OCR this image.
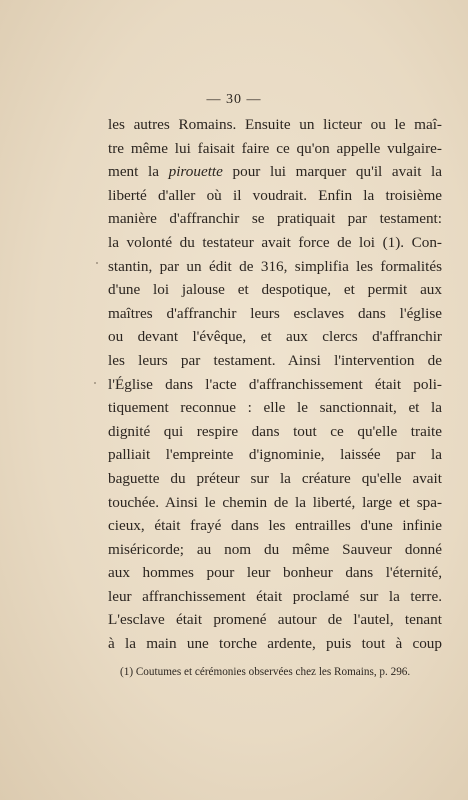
— 30 —
les autres Romains. Ensuite un licteur ou le maî-
tre même lui faisait faire ce qu'on appelle vulgaire-
ment la pirouette pour lui marquer qu'il avait la
liberté d'aller où il voudrait. Enfin la troisième
manière d'affranchir se pratiquait par testament:
la volonté du testateur avait force de loi (1). Con-
stantin, par un édit de 316, simplifia les formalités
d'une loi jalouse et despotique, et permit aux
maîtres d'affranchir leurs esclaves dans l'église
ou devant l'évêque, et aux clercs d'affranchir
les leurs par testament. Ainsi l'intervention de
l'Église dans l'acte d'affranchissement était poli-
tiquement reconnue : elle le sanctionnait, et la
dignité qui respire dans tout ce qu'elle traite
palliait l'empreinte d'ignominie, laissée par la
baguette du préteur sur la créature qu'elle avait
touchée. Ainsi le chemin de la liberté, large et spa-
cieux, était frayé dans les entrailles d'une infinie
miséricorde; au nom du même Sauveur donné
aux hommes pour leur bonheur dans l'éternité,
leur affranchissement était proclamé sur la terre.
L'esclave était promené autour de l'autel, tenant
à la main une torche ardente, puis tout à coup
(1) Coutumes et cérémonies observées chez les Romains, p. 296.
